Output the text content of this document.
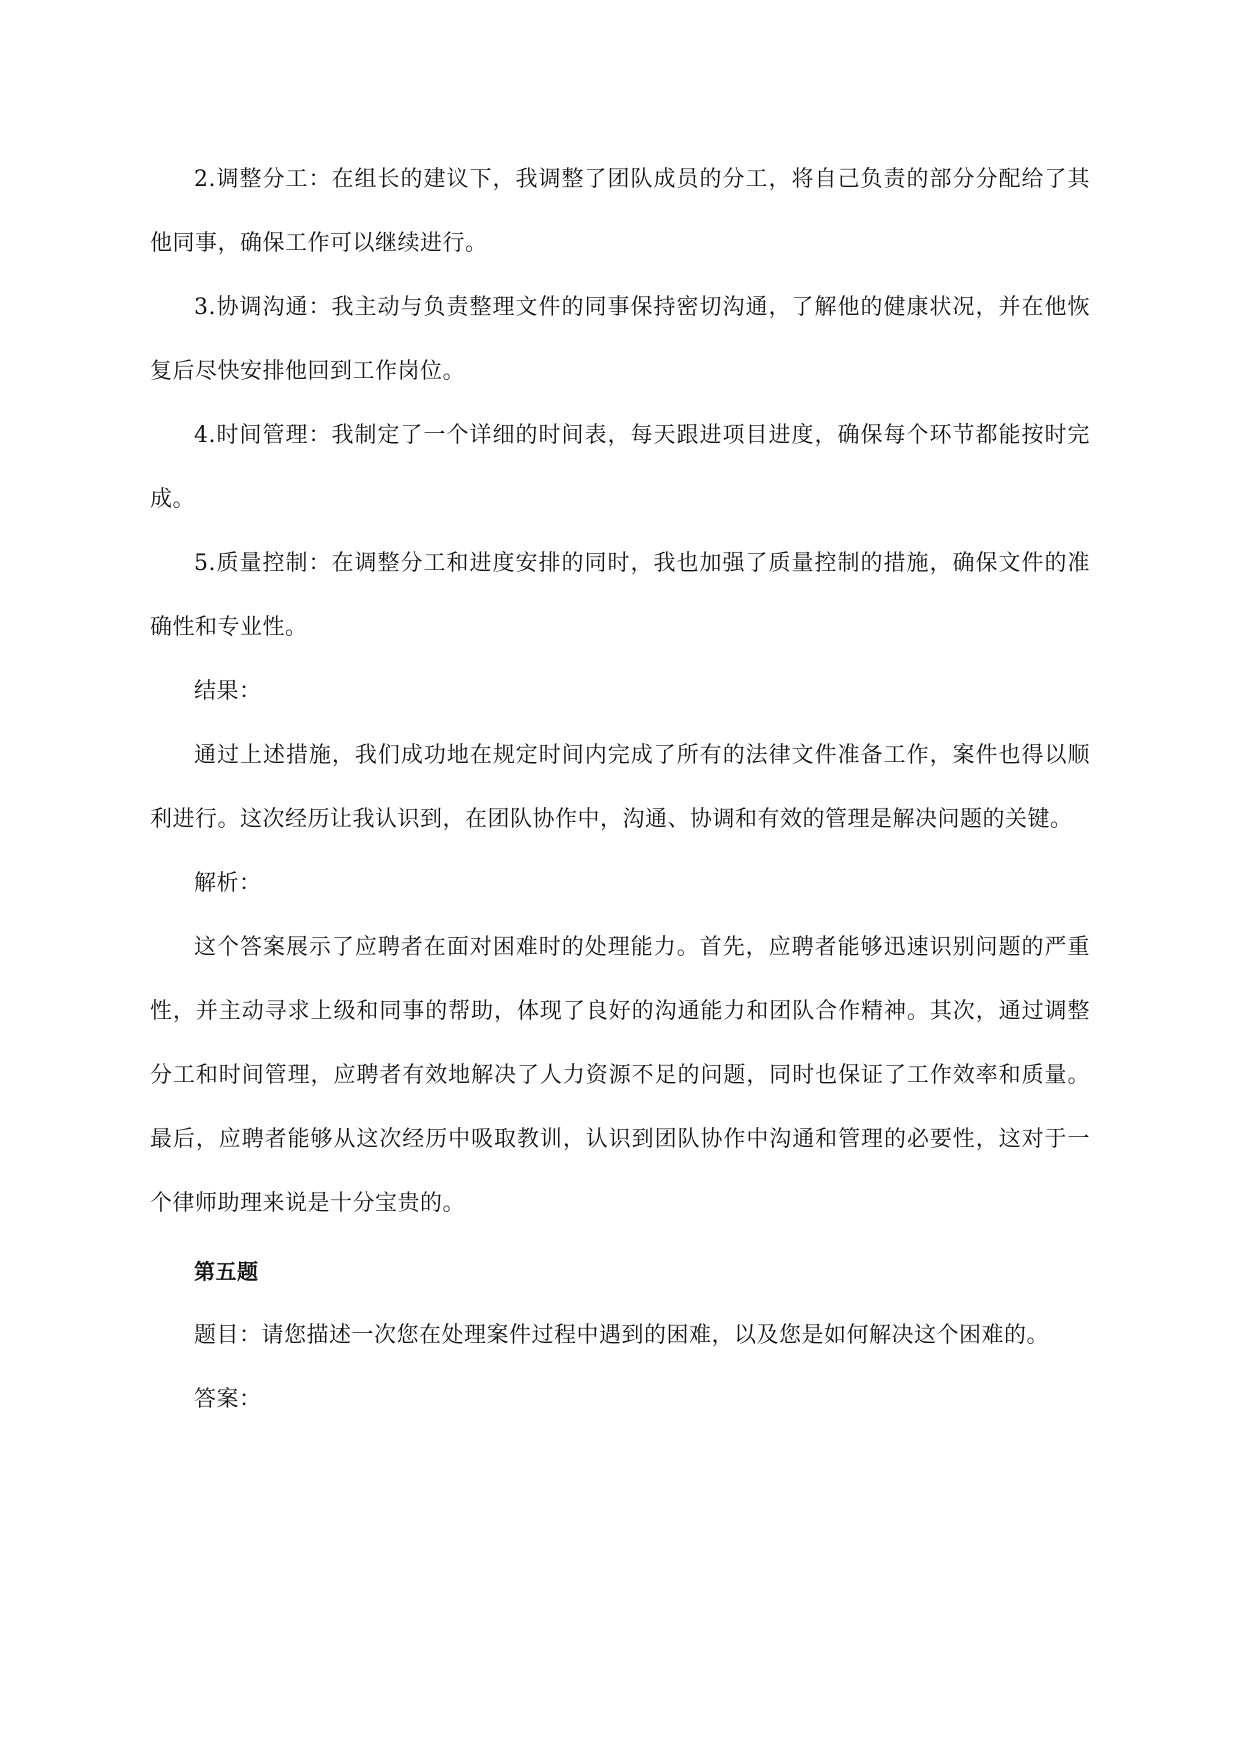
2.调整分工：在组长的建议下，我调整了团队成员的分工，将自己负责的部分分配给了其他同事，确保工作可以继续进行。

3.协调沟通：我主动与负责整理文件的同事保持密切沟通，了解他的健康状况，并在他恢复后尽快安排他回到工作岗位。

4.时间管理：我制定了一个详细的时间表，每天跟进项目进度，确保每个环节都能按时完成。

5.质量控制：在调整分工和进度安排的同时，我也加强了质量控制的措施，确保文件的准确性和专业性。

结果：

通过上述措施，我们成功地在规定时间内完成了所有的法律文件准备工作，案件也得以顺利进行。这次经历让我认识到，在团队协作中，沟通、协调和有效的管理是解决问题的关键。

解析：

这个答案展示了应聘者在面对困难时的处理能力。首先，应聘者能够迅速识别问题的严重性，并主动寻求上级和同事的帮助，体现了良好的沟通能力和团队合作精神。其次，通过调整分工和时间管理，应聘者有效地解决了人力资源不足的问题，同时也保证了工作效率和质量。最后，应聘者能够从这次经历中吸取教训，认识到团队协作中沟通和管理的必要性，这对于一个律师助理来说是十分宝贵的。

第五题

题目：请您描述一次您在处理案件过程中遇到的困难，以及您是如何解决这个困难的。

答案：
